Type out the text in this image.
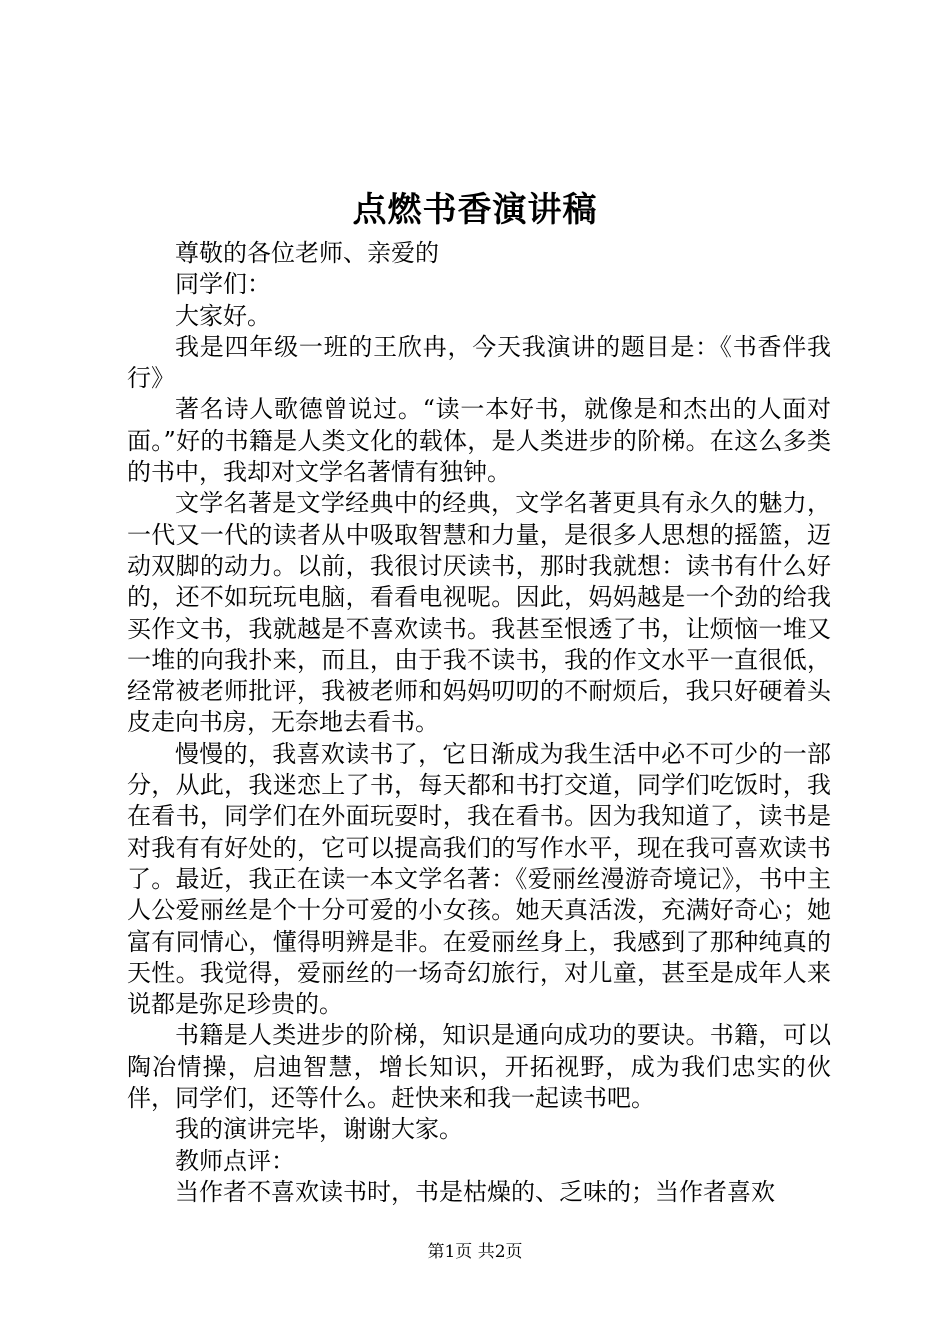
点燃书香演讲稿

尊敬的各位老师、亲爱的

同学们：

大家好。

我是四年级一班的王欣冉，今天我演讲的题目是：《书香伴我行》

著名诗人歌德曾说过。“读一本好书，就像是和杰出的人面对面。”好的书籍是人类文化的载体，是人类进步的阶梯。在这么多类的书中，我却对文学名著情有独钟。

文学名著是文学经典中的经典，文学名著更具有永久的魅力，一代又一代的读者从中吸取智慧和力量，是很多人思想的摇篮，迈动双脚的动力。以前，我很讨厌读书，那时我就想：读书有什么好的，还不如玩玩电脑，看看电视呢。因此，妈妈越是一个劲的给我买作文书，我就越是不喜欢读书。我甚至恨透了书，让烦恼一堆又一堆的向我扑来，而且，由于我不读书，我的作文水平一直很低，经常被老师批评，我被老师和妈妈叨叨的不耐烦后，我只好硬着头皮走向书房，无奈地去看书。

慢慢的，我喜欢读书了，它日渐成为我生活中必不可少的一部分，从此，我迷恋上了书，每天都和书打交道，同学们吃饭时，我在看书，同学们在外面玩耍时，我在看书。因为我知道了，读书是对我有有好处的，它可以提高我们的写作水平，现在我可喜欢读书了。最近，我正在读一本文学名著：《爱丽丝漫游奇境记》，书中主人公爱丽丝是个十分可爱的小女孩。她天真活泼，充满好奇心；她富有同情心，懂得明辨是非。在爱丽丝身上，我感到了那种纯真的天性。我觉得，爱丽丝的一场奇幻旅行，对儿童，甚至是成年人来说都是弥足珍贵的。

书籍是人类进步的阶梯，知识是通向成功的要诀。书籍，可以陶冶情操，启迪智慧，增长知识，开拓视野，成为我们忠实的伙伴，同学们，还等什么。赶快来和我一起读书吧。

我的演讲完毕，谢谢大家。

教师点评：

当作者不喜欢读书时，书是枯燥的、乏味的；当作者喜欢

第1页 共2页
